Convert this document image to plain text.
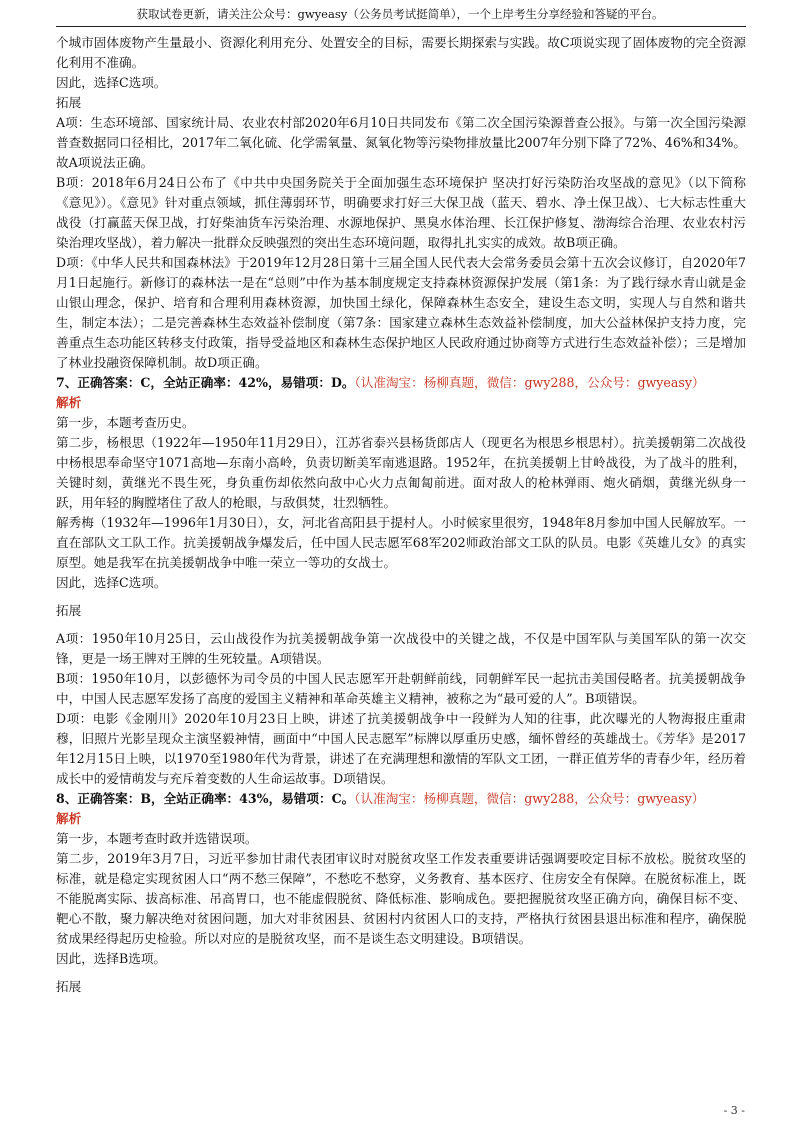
获取试卷更新，请关注公众号：gwyeasy（公务员考试挺简单），一个上岸考生分享经验和答疑的平台。

个城市固体废物产生量最小、资源化利用充分、处置安全的目标，需要长期探索与实践。故C项说实现了固体废物的完全资源化利用不准确。

因此，选择C选项。

拓展

A项：生态环境部、国家统计局、农业农村部2020年6月10日共同发布《第二次全国污染源普查公报》。与第一次全国污染源普查数据同口径相比，2017年二氧化硫、化学需氧量、氮氧化物等污染物排放量比2007年分别下降了72%、46%和34%。故A项说法正确。

B项：2018年6月24日公布了《中共中央国务院关于全面加强生态环境保护 坚决打好污染防治攻坚战的意见》（以下简称《意见》）。《意见》针对重点领域，抓住薄弱环节，明确要求打好三大保卫战（蓝天、碧水、净土保卫战）、七大标志性重大战役（打赢蓝天保卫战，打好柴油货车污染治理、水源地保护、黑臭水体治理、长江保护修复、渤海综合治理、农业农村污染治理攻坚战），着力解决一批群众反映强烈的突出生态环境问题，取得扎扎实实的成效。故B项正确。

D项：《中华人民共和国森林法》于2019年12月28日第十三届全国人民代表大会常务委员会第十五次会议修订，自2020年7月1日起施行。新修订的森林法一是在“总则”中作为基本制度规定支持森林资源保护发展（第1条：为了践行绿水青山就是金山银山理念，保护、培育和合理利用森林资源，加快国土绿化，保障森林生态安全，建设生态文明，实现人与自然和谐共生，制定本法）；二是完善森林生态效益补偿制度（第7条：国家建立森林生态效益补偿制度，加大公益林保护支持力度，完善重点生态功能区转移支付政策，指导受益地区和森林生态保护地区人民政府通过协商等方式进行生态效益补偿）；三是增加了林业投融资保障机制。故D项正确。

7、正确答案：C，全站正确率：42%，易错项：D。（认准淘宝：杨柳真题，微信：gwy288，公众号：gwyeasy）

解析

第一步，本题考查历史。

第二步，杨根思（1922年—1950年11月29日），江苏省泰兴县杨货郎店人（现更名为根思乡根思村）。抗美援朝第二次战役中杨根思奉命坚守1071高地—东南小高岭，负责切断美军南逃退路。1952年，在抗美援朝上甘岭战役，为了战斗的胜利，关键时刻，黄继光不畏生死，身负重伤却依然向敌中心火力点匍匐前进。面对敌人的枪林弹雨、炮火硝烟，黄继光纵身一跃，用年轻的胸膛堵住了敌人的枪眼，与敌俱焚，壮烈牺牲。

解秀梅（1932年—1996年1月30日），女，河北省高阳县于提村人。小时候家里很穷，1948年8月参加中国人民解放军。一直在部队文工队工作。抗美援朝战争爆发后，任中国人民志愿军68军202师政治部文工队的队员。电影《英雄儿女》的真实原型。她是我军在抗美援朝战争中唯一荣立一等功的女战士。

因此，选择C选项。

拓展

A项：1950年10月25日，云山战役作为抗美援朝战争第一次战役中的关键之战，不仅是中国军队与美国军队的第一次交锋，更是一场王牌对王牌的生死较量。A项错误。

B项：1950年10月，以彭德怀为司令员的中国人民志愿军开赴朝鲜前线，同朝鲜军民一起抗击美国侵略者。抗美援朝战争中，中国人民志愿军发扬了高度的爱国主义精神和革命英雄主义精神，被称之为“最可爱的人”。B项错误。

D项：电影《金刚川》2020年10月23日上映，讲述了抗美援朝战争中一段鲜为人知的往事，此次曝光的人物海报庄重肃穆，旧照片光影呈现众主演坚毅神情，画面中“中国人民志愿军”标牌以厚重历史感，缅怀曾经的英雄战士。《芳华》是2017年12月15日上映，以1970至1980年代为背景，讲述了在充满理想和激情的军队文工团，一群正值芳华的青春少年，经历着成长中的爱情萌发与充斥着变数的人生命运故事。D项错误。

8、正确答案：B，全站正确率：43%，易错项：C。（认准淘宝：杨柳真题，微信：gwy288，公众号：gwyeasy）

解析

第一步，本题考查时政并选错误项。

第二步，2019年3月7日，习近平参加甘肃代表团审议时对脱贫攻坚工作发表重要讲话强调要咬定目标不放松。脱贫攻坚的标准，就是稳定实现贫困人口“两不愁三保障”，不愁吃不愁穿，义务教育、基本医疗、住房安全有保障。在脱贫标准上，既不能脱离实际、拔高标准、吊高胃口，也不能虚假脱贫、降低标准、影响成色。要把握脱贫攻坚正确方向，确保目标不变、靶心不散，聚力解决绝对贫困问题，加大对非贫困县、贫困村内贫困人口的支持，严格执行贫困县退出标准和程序，确保脱贫成果经得起历史检验。所以对应的是脱贫攻坚，而不是谈生态文明建设。B项错误。

因此，选择B选项。

拓展

- 3 -
